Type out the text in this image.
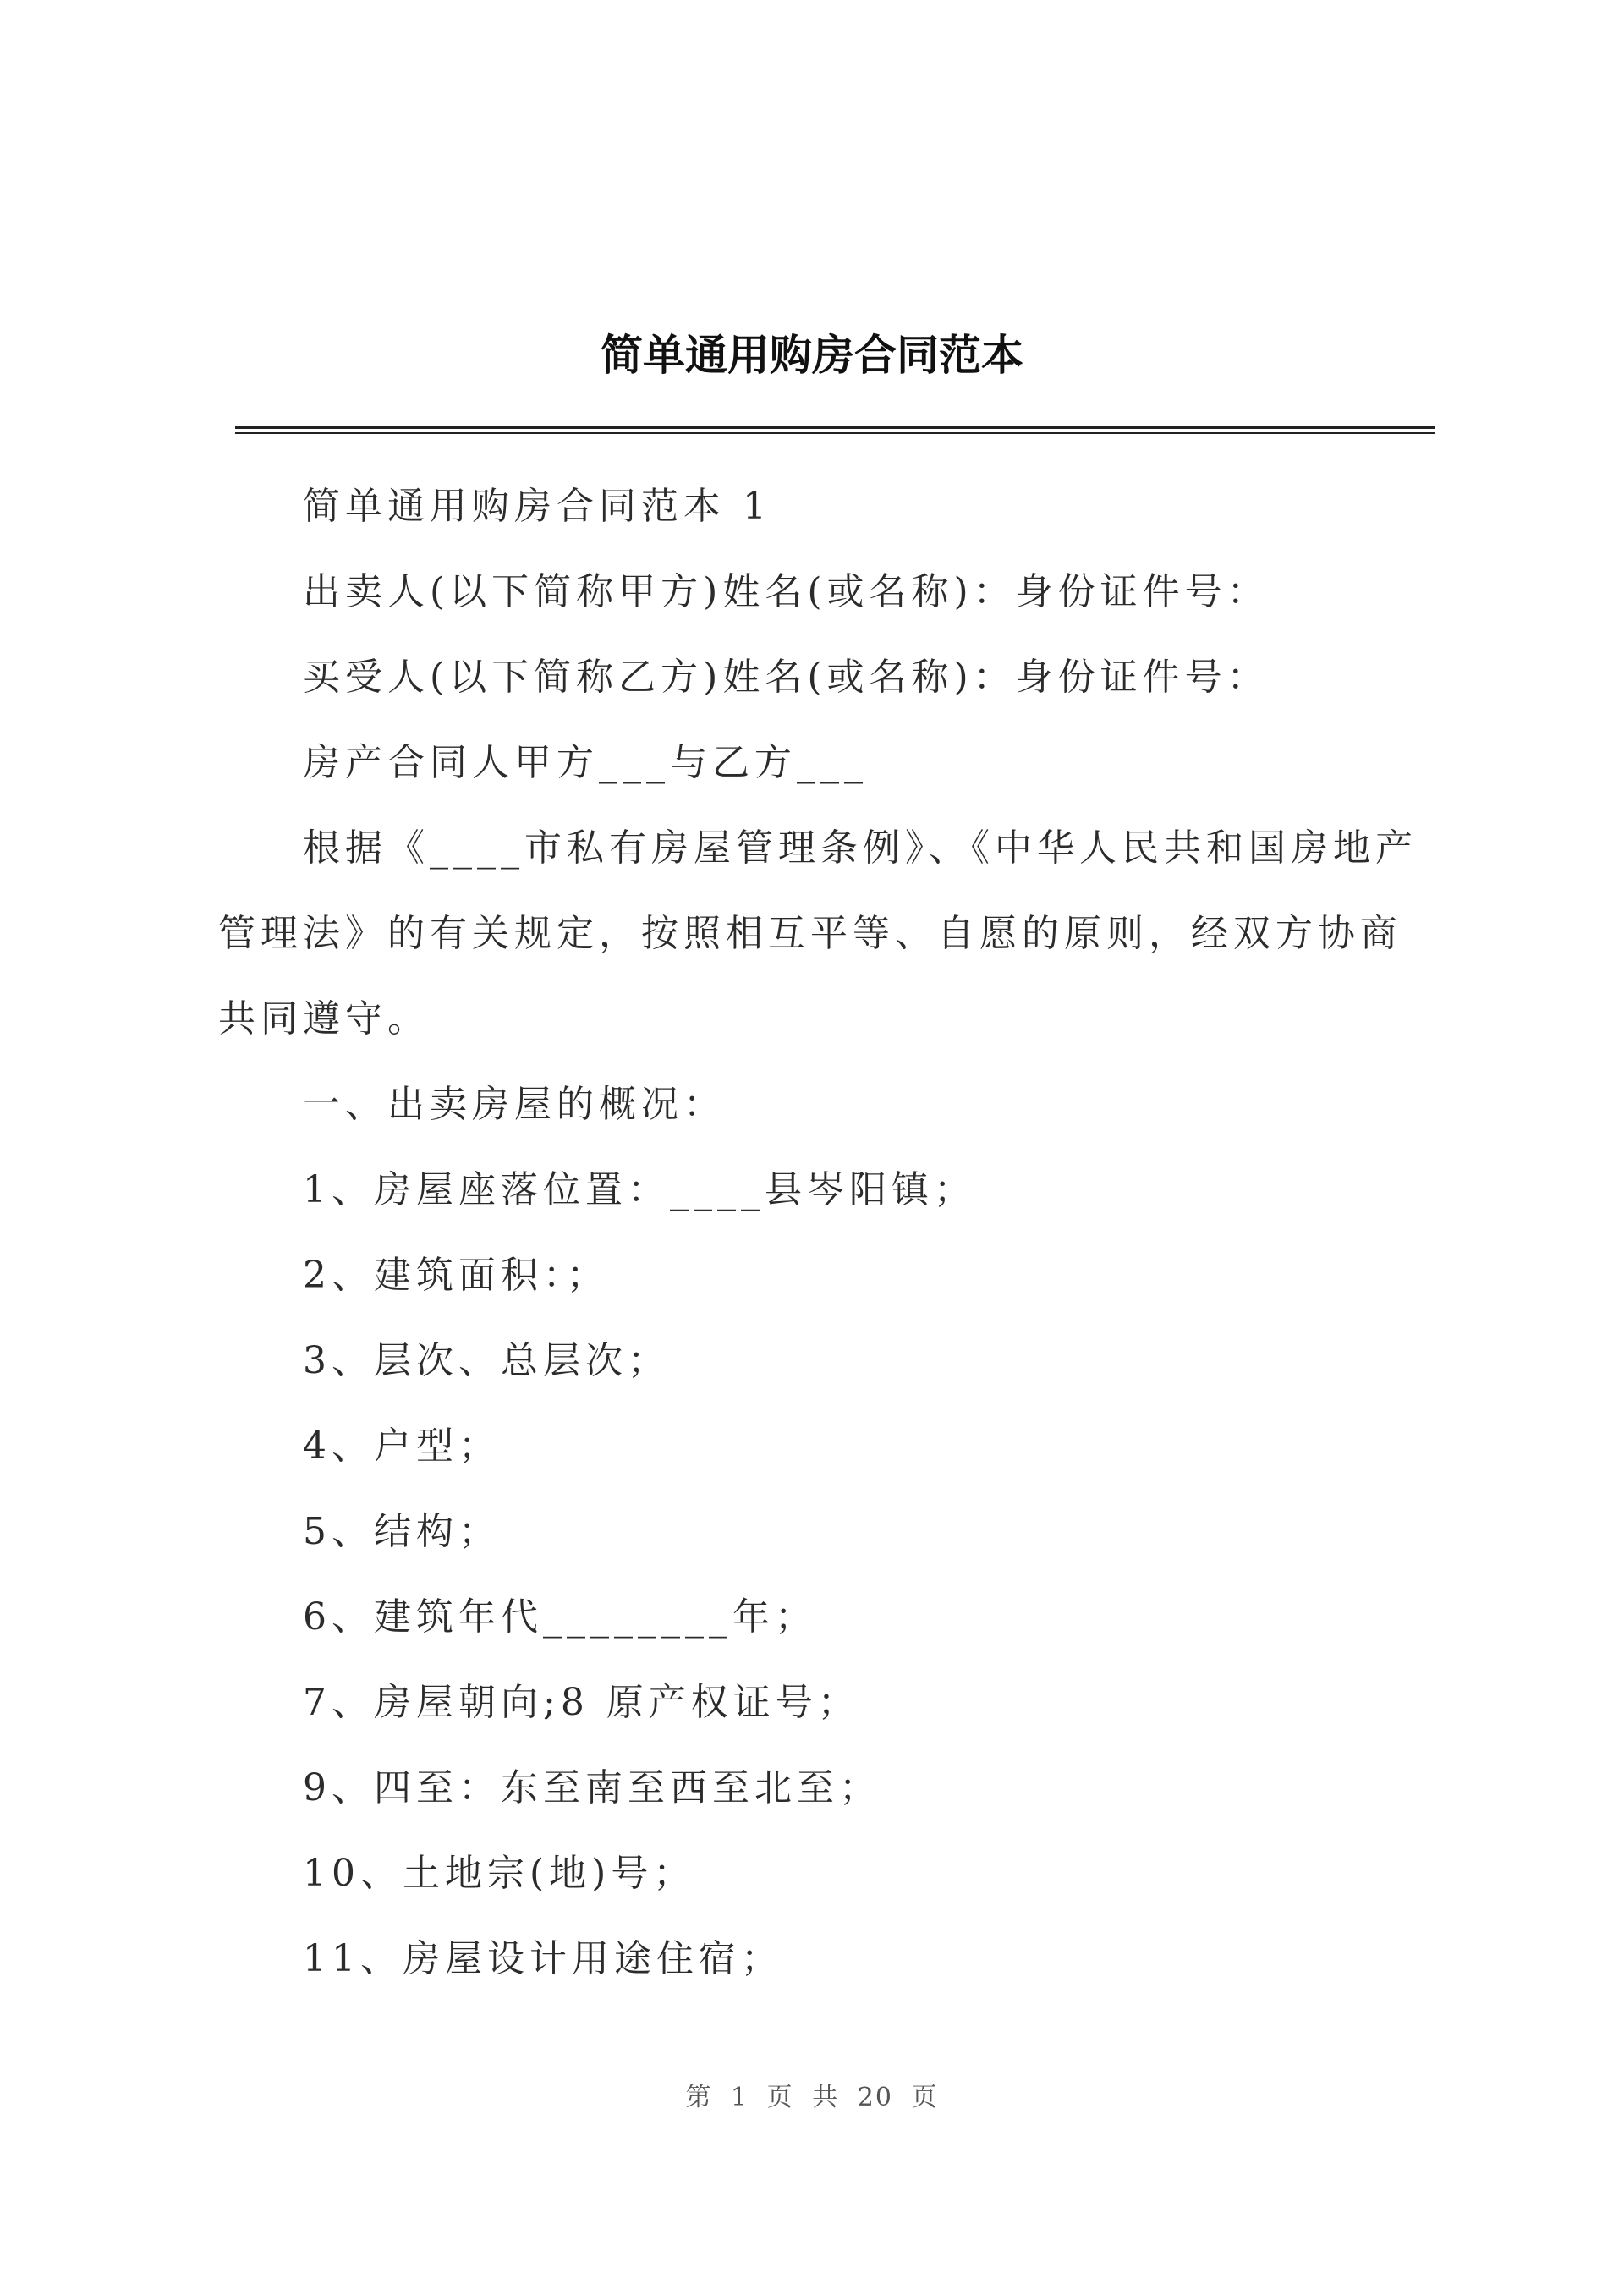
简单通用购房合同范本

简单通用购房合同范本 1

出卖人(以下简称甲方)姓名(或名称)：身份证件号：

买受人(以下简称乙方)姓名(或名称)：身份证件号：

房产合同人甲方___与乙方___

根据《____市私有房屋管理条例》、《中华人民共和国房地产管理法》的有关规定，按照相互平等、自愿的原则，经双方协商共同遵守。

一、出卖房屋的概况：

1、房屋座落位置：____县岑阳镇；

2、建筑面积：；

3、层次、总层次；

4、户型；

5、结构；

6、建筑年代________年；

7、房屋朝向;8 原产权证号；

9、四至：东至南至西至北至；

10、土地宗(地)号；

11、房屋设计用途住宿；

第 1 页 共 20 页
